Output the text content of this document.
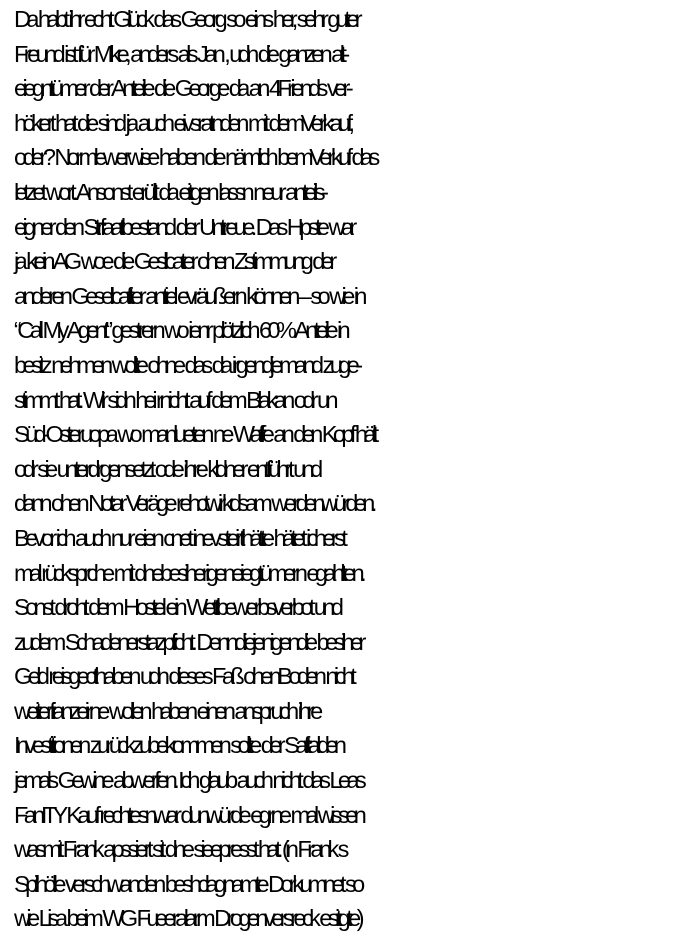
Da habt ihr echt Glück das Georg so eins her, sehr guter
Freund ist für Mike, anders als Jan , udn die ganzen alt-
eiegntümer der Anteile die George da an 4Friends ver-
hökert hat die sind ja auch eivsratnden mit demVerkauf,
oder? Normlewerwise haben die nämlich bemVerkuf das
letzet wort. Ansonst erüllt da eitgen lassn neur anteils-
eigner den Strfaatbestand der Untreue. Das Hpste war
ja kein AG woe die Gesllcater ohen Zstimmung der
anderen Gesellcafter antiel evräußern können – so wie in
“Call My Agent” gestrern wo ienr plötzlich 60% Anteile in
besitz nehmen wollte ohne das da irgendjemand zuge-
stimmt hat. Wir sidn hei rnicht auf dem Blakan odr un
Süd-Osteruopa wo manlueten ne Waffe an den Kopf hält
odr sie unterdrgensetzt ode ihre kldner entführt und
dann ohen Notar Veräge rehctwirkdsam werdenwürden.
Bevor ich auch nur eien cnet inevsteirthätte hätet icherst
mal rücksprche mit dnebesiherigeneiegtümern egahlten.
Sonst droht dem Hostel ein Wettbewerbsverbot und
zudem Schadenerstazpficht. Denndiejenigendie besiher
Geld reisgecthaben udn dieses Faß ohenBoden nicht
weiterfianzeirne wollen haben einen anspruch ihre
Investitionen zurückzubekommen sollte der Saftalden
jemals Gewine abwerfen. Ich glaub auch nicht das Leas
FanITY Kauf rechtesnwar dunwürde egrne mal wissen
wasmit Frank apssiert sit dne sieepresst hat. (in Frank s
Spilhölle verschwanden beshclagnamte Dorkumnet so
wie Lisa beim WG Fueeralarm Drogenversreck esitgte)
